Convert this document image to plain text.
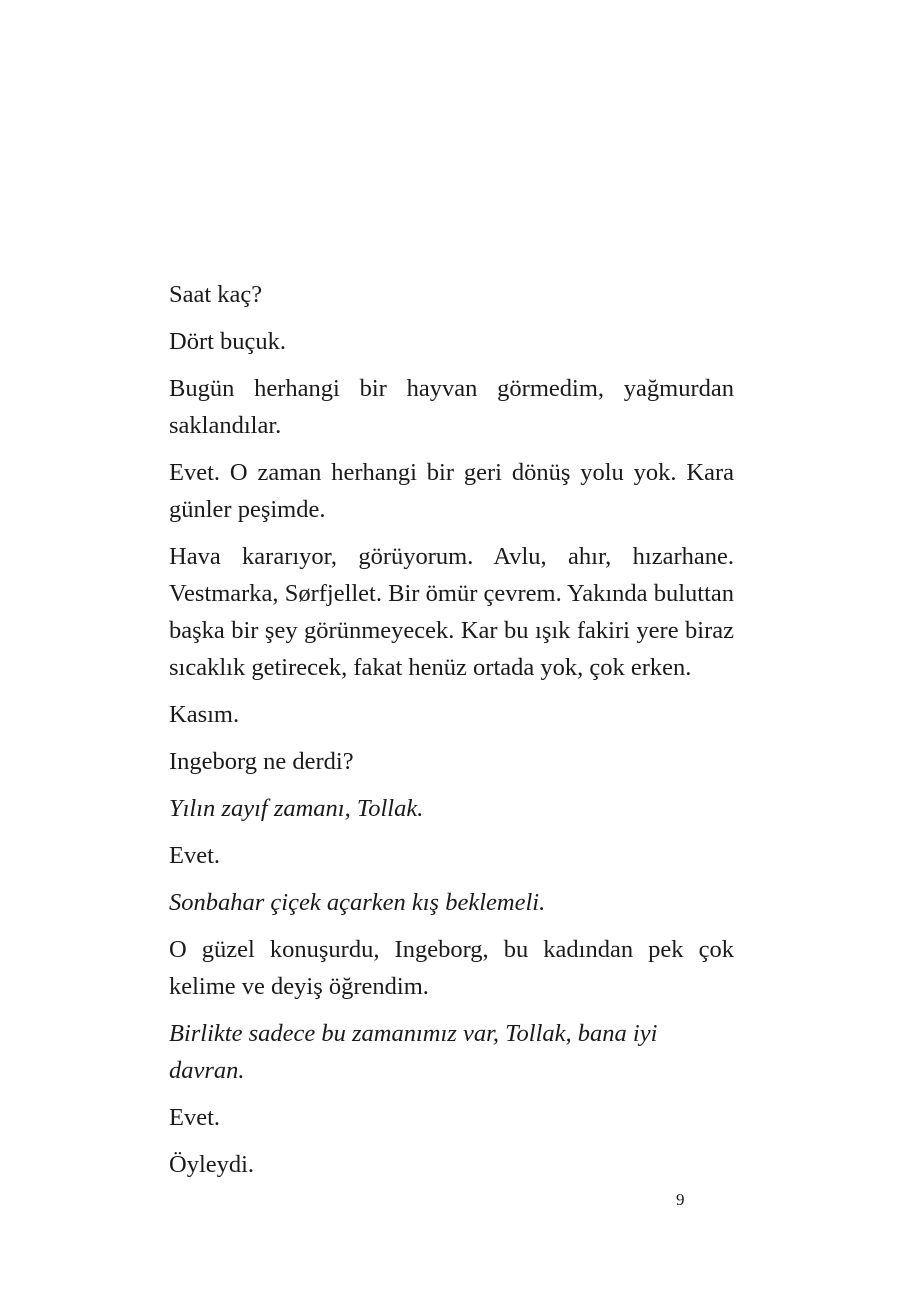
Saat kaç?

Dört buçuk.

Bugün herhangi bir hayvan görmedim, yağmurdan saklandılar.

Evet. O zaman herhangi bir geri dönüş yolu yok. Kara günler peşimde.

Hava kararıyor, görüyorum. Avlu, ahır, hızarhane. Vestmarka, Sørfjellet. Bir ömür çevrem. Yakında buluttan başka bir şey görünmeyecek. Kar bu ışık fakiri yere biraz sıcaklık getirecek, fakat henüz ortada yok, çok erken.

Kasım.

Ingeborg ne derdi?

Yılın zayıf zamanı, Tollak.

Evet.

Sonbahar çiçek açarken kış beklemeli.

O güzel konuşurdu, Ingeborg, bu kadından pek çok kelime ve deyiş öğrendim.

Birlikte sadece bu zamanımız var, Tollak, bana iyi davran.

Evet.

Öyleydi.

9
